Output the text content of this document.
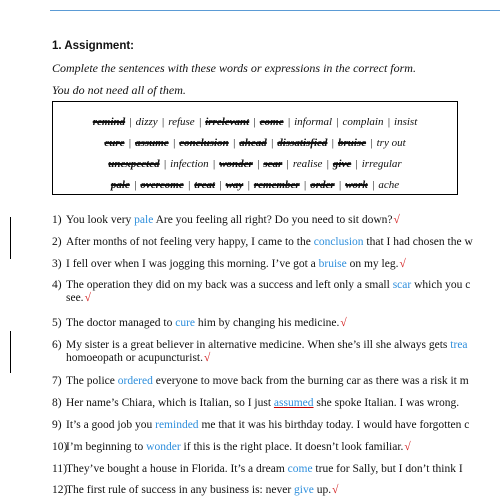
1. Assignment:
Complete the sentences with these words or expressions in the correct form.
You do not need all of them.
remind | dizzy | refuse | irrelevant | come | informal | complain | insist
cure | assume | conclusion | ahead | dissatisfied | bruise | try out
unexpected | infection | wonder | scar | realise | give | irregular
pale | overcome | treat | way | remember | order | work | ache
1) You look very pale Are you feeling all right? Do you need to sit down?√
2) After months of not feeling very happy, I came to the conclusion that I had chosen the w
3) I fell over when I was jogging this morning. I’ve got a bruise on my leg.√
4) The operation they did on my back was a success and left only a small scar which you c
see.√
5) The doctor managed to cure him by changing his medicine.√
6) My sister is a great believer in alternative medicine. When she’s ill she always gets trea
homoeopath or acupuncturist.√
7) The police ordered everyone to move back from the burning car as there was a risk it m
8) Her name’s Chiara, which is Italian, so I just assumed she spoke Italian. I was wrong.
9) It’s a good job you reminded me that it was his birthday today. I would have forgotten c
10)I’m beginning to wonder if this is the right place. It doesn’t look familiar.√
11)They’ve bought a house in Florida. It’s a dream come true for Sally, but I don’t think I
12)The first rule of success in any business is: never give up.√
